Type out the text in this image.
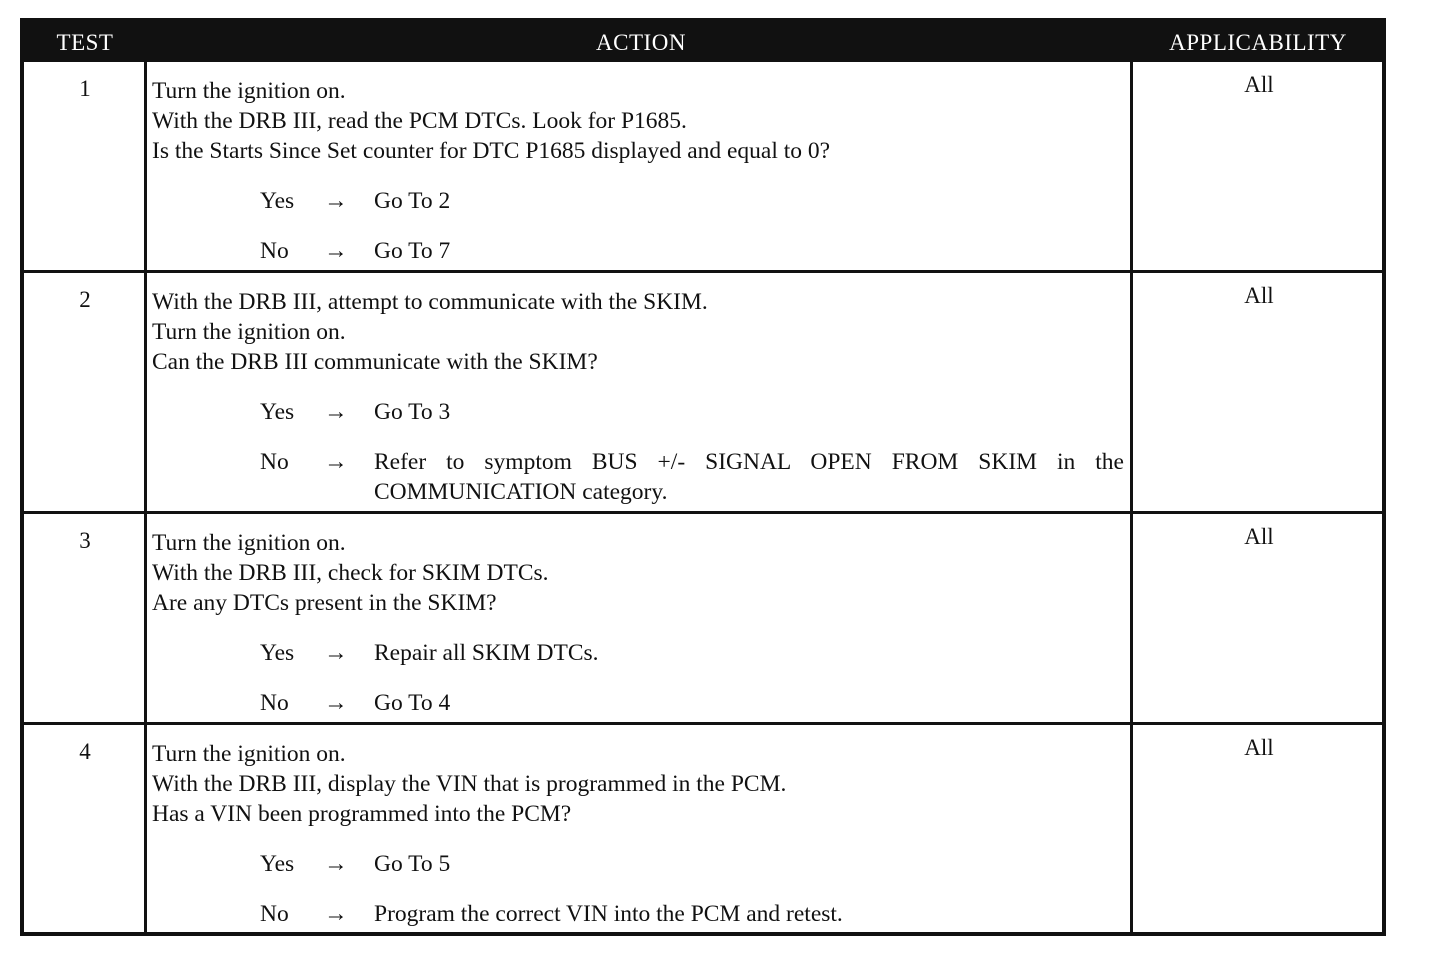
TEST	ACTION	APPLICABILITY
1	Turn the ignition on.
With the DRB III, read the PCM DTCs. Look for P1685.
Is the Starts Since Set counter for DTC P1685 displayed and equal to 0?
Yes → Go To 2
No → Go To 7
All
2	With the DRB III, attempt to communicate with the SKIM.
Turn the ignition on.
Can the DRB III communicate with the SKIM?
Yes → Go To 3
No → Refer to symptom BUS +/- SIGNAL OPEN FROM SKIM in the COMMUNICATION category.
All
3	Turn the ignition on.
With the DRB III, check for SKIM DTCs.
Are any DTCs present in the SKIM?
Yes → Repair all SKIM DTCs.
No → Go To 4
All
4	Turn the ignition on.
With the DRB III, display the VIN that is programmed in the PCM.
Has a VIN been programmed into the PCM?
Yes → Go To 5
No → Program the correct VIN into the PCM and retest.
All
